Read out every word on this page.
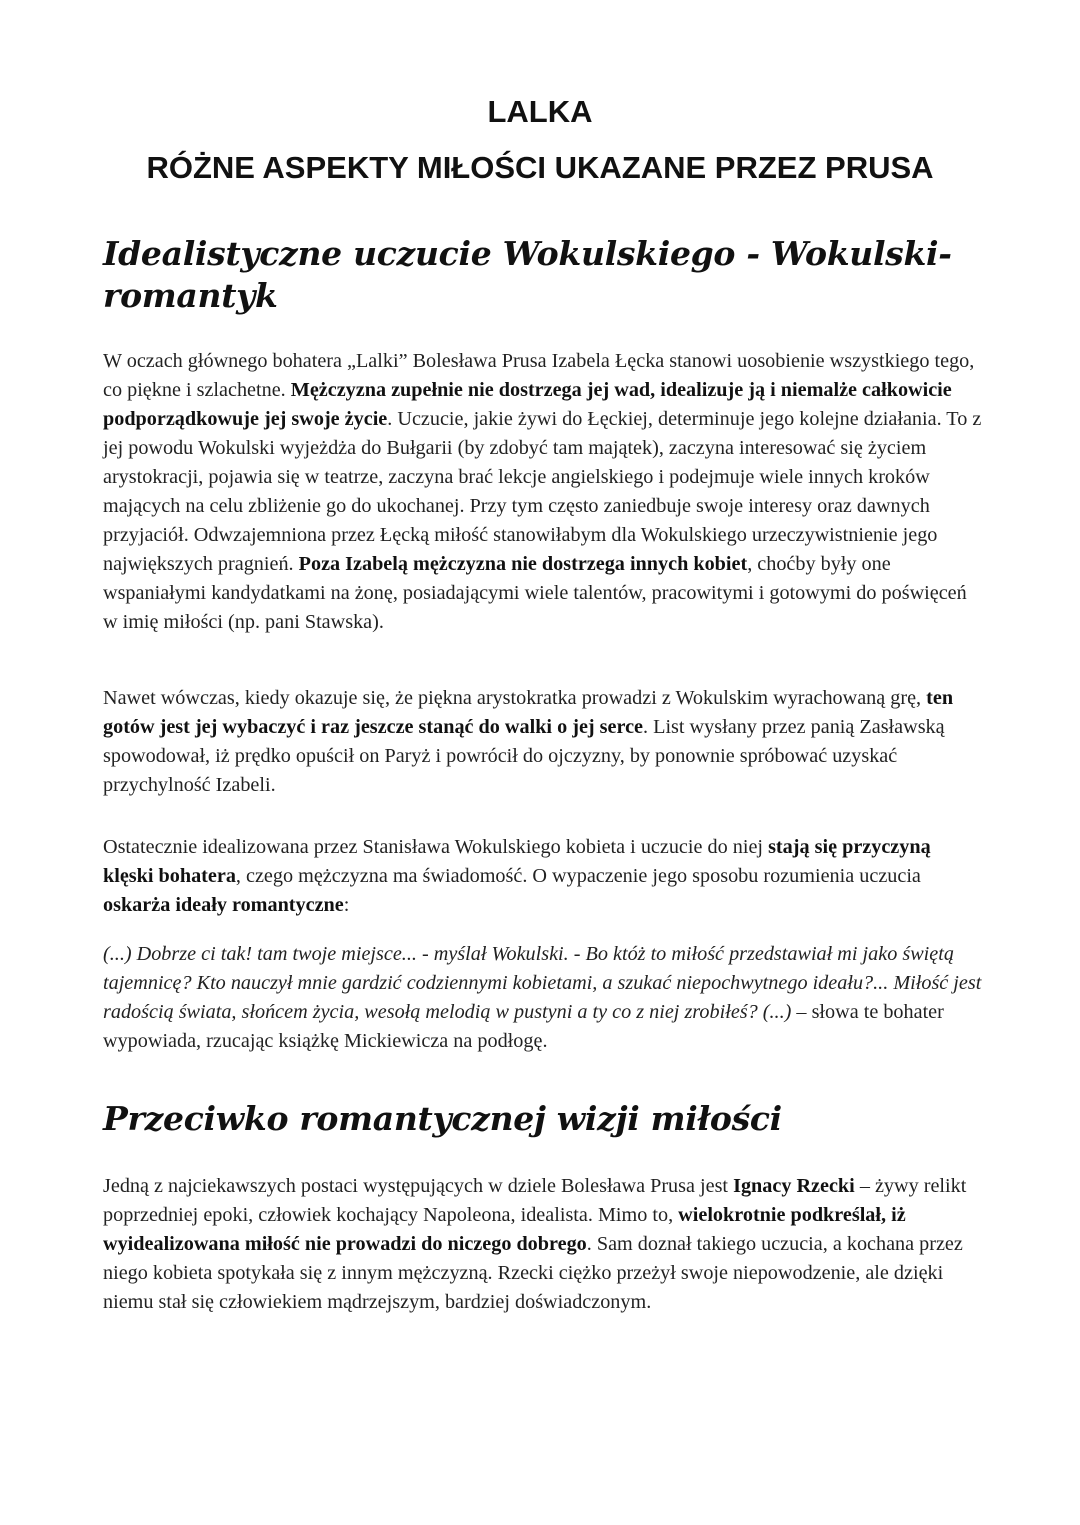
LALKA
RÓŻNE ASPEKTY MIŁOŚCI UKAZANE PRZEZ PRUSA
Idealistyczne uczucie Wokulskiego - Wokulski-romantyk

W oczach głównego bohatera „Lalki” Bolesława Prusa Izabela Łęcka stanowi uosobienie wszystkiego tego, co piękne i szlachetne. Mężczyzna zupełnie nie dostrzega jej wad, idealizuje ją i niemalże całkowicie podporządkowuje jej swoje życie. Uczucie, jakie żywi do Łęckiej, determinuje jego kolejne działania. To z jej powodu Wokulski wyjeżdża do Bułgarii (by zdobyć tam majątek), zaczyna interesować się życiem arystokracji, pojawia się w teatrze, zaczyna brać lekcje angielskiego i podejmuje wiele innych kroków mających na celu zbliżenie go do ukochanej. Przy tym często zaniedbuje swoje interesy oraz dawnych przyjaciół. Odwzajemniona przez Łęcką miłość stanowiłabym dla Wokulskiego urzeczywistnienie jego największych pragnień. Poza Izabelą mężczyzna nie dostrzega innych kobiet, choćby były one wspaniałymi kandydatkami na żonę, posiadającymi wiele talentów, pracowitymi i gotowymi do poświęceń w imię miłości (np. pani Stawska).

Nawet wówczas, kiedy okazuje się, że piękna arystokratka prowadzi z Wokulskim wyrachowaną grę, ten gotów jest jej wybaczyć i raz jeszcze stanąć do walki o jej serce. List wysłany przez panią Zasławską spowodował, iż prędko opuścił on Paryż i powrócił do ojczyzny, by ponownie spróbować uzyskać przychylność Izabeli.

Ostatecznie idealizowana przez Stanisława Wokulskiego kobieta i uczucie do niej stają się przyczyną klęski bohatera, czego mężczyzna ma świadomość. O wypaczenie jego sposobu rozumienia uczucia oskarża ideały romantyczne:

(...) Dobrze ci tak! tam twoje miejsce... - myślał Wokulski. - Bo któż to miłość przedstawiał mi jako świętą tajemnicę? Kto nauczył mnie gardzić codziennymi kobietami, a szukać niepochwytnego ideału?... Miłość jest radością świata, słońcem życia, wesołą melodią w pustyni a ty co z niej zrobiłeś? (...) – słowa te bohater wypowiada, rzucając książkę Mickiewicza na podłogę.

Przeciwko romantycznej wizji miłości

Jedną z najciekawszych postaci występujących w dziele Bolesława Prusa jest Ignacy Rzecki – żywy relikt poprzedniej epoki, człowiek kochający Napoleona, idealista. Mimo to, wielokrotnie podkreślał, iż wyidealizowana miłość nie prowadzi do niczego dobrego. Sam doznał takiego uczucia, a kochana przez niego kobieta spotykała się z innym mężczyzną. Rzecki ciężko przeżył swoje niepowodzenie, ale dzięki niemu stał się człowiekiem mądrzejszym, bardziej doświadczonym.
